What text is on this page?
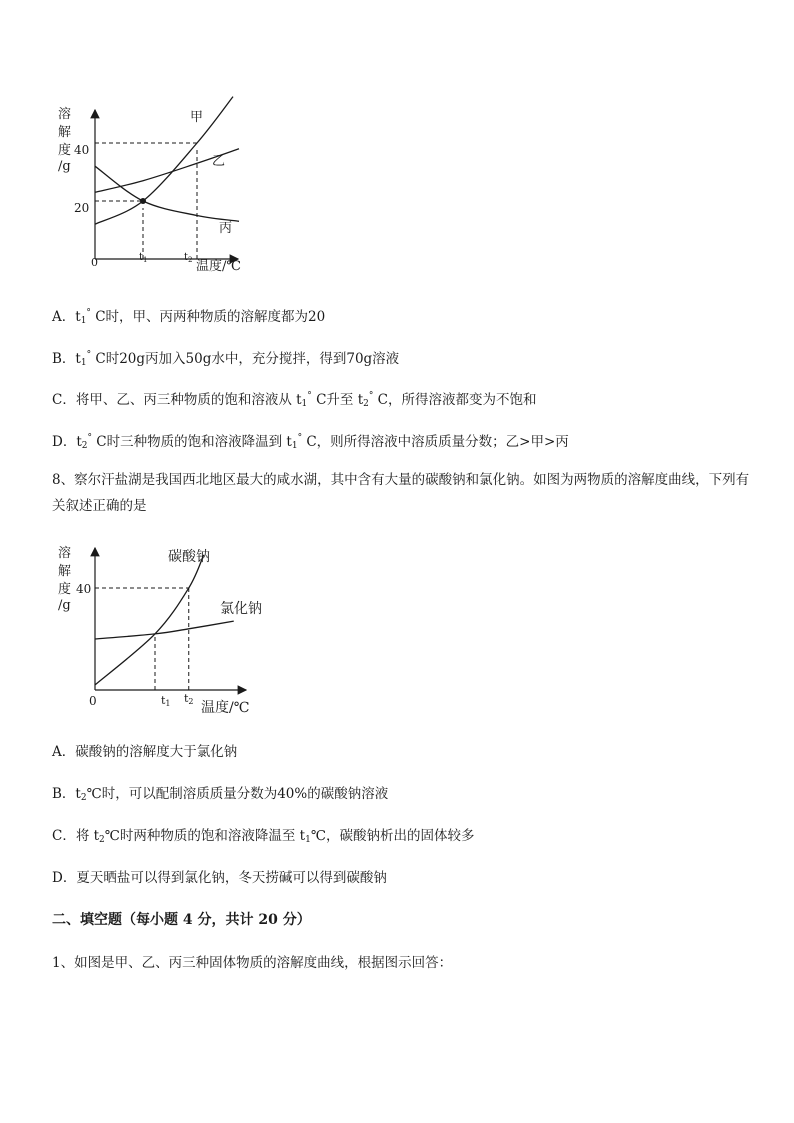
溶
解
度
/g
0
20
40
$t_1$	$t_2$ 温度/℃
甲
乙
丙
A．$t_1^\circ$ C时，甲、丙两种物质的溶解度都为20
B．$t_1^\circ$ C时20g丙加入50g水中，充分搅拌，得到70g溶液
C．将甲、乙、丙三种物质的饱和溶液从 $t_1^\circ$ C升至 $t_2^\circ$ C，所得溶液都变为不饱和
D．$t_2^\circ$ C时三种物质的饱和溶液降温到 $t_1^\circ$ C，则所得溶液中溶质质量分数；乙>甲>丙
8、察尔汗盐湖是我国西北地区最大的咸水湖，其中含有大量的碳酸钠和氯化钠。如图为两物质的溶解度曲线，下列有关叙述正确的是
溶
解
度
/g
0
40
t1 t2 温度/℃
碳酸钠
氯化钠
A．碳酸钠的溶解度大于氯化钠
B．$t_2℃$时，可以配制溶质质量分数为40%的碳酸钠溶液
C．将 $t_2℃$时两种物质的饱和溶液降温至 $t_1℃$，碳酸钠析出的固体较多
D．夏天晒盐可以得到氯化钠，冬天捞碱可以得到碳酸钠
二、填空题（每小题 4 分，共计 20 分）
1、如图是甲、乙、丙三种固体物质的溶解度曲线，根据图示回答：
